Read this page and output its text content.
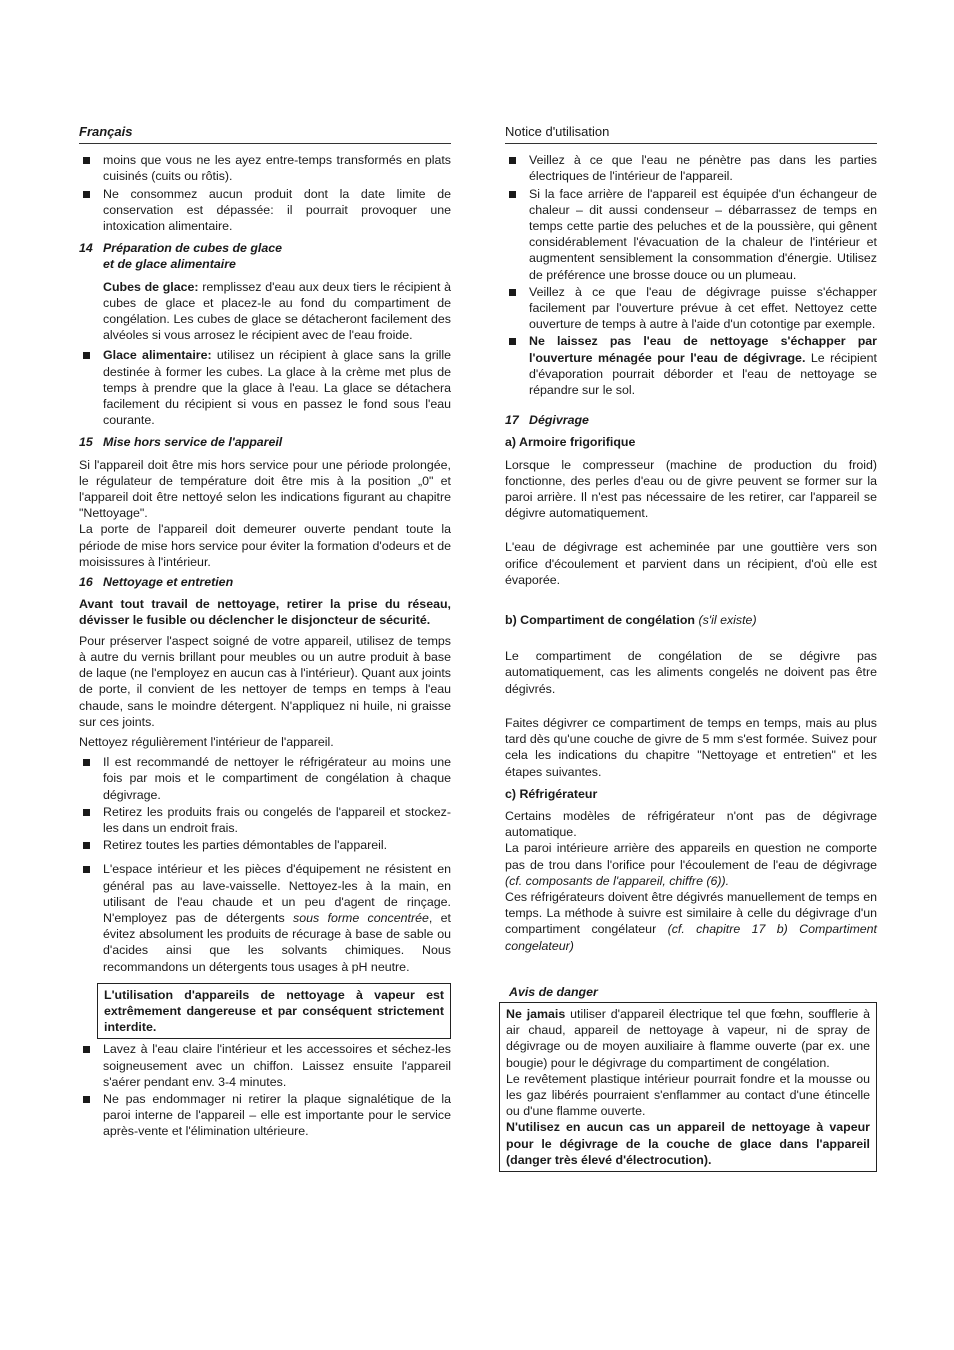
Français
moins que vous ne les ayez entre-temps transformés en plats cuisinés (cuits ou rôtis).
Ne consommez aucun produit dont la date limite de conservation est dépassée: il pourrait provoquer une intoxication alimentaire.
14 Préparation de cubes de glace
et de glace alimentaire

Cubes de glace: remplissez d'eau aux deux tiers le récipient à cubes de glace et placez-le au fond du compartiment de congélation. Les cubes de glace se détacheront facilement des alvéoles si vous arrosez le récipient avec de l'eau froide.

Glace alimentaire: utilisez un récipient à glace sans la grille destinée à former les cubes. La glace à la crème met plus de temps à prendre que la glace à l'eau. La glace se détachera facilement du récipient si vous en passez le fond sous l'eau courante.
15 Mise hors service de l'appareil

Si l'appareil doit être mis hors service pour une période prolongée, le régulateur de température doit être mis à la position „0" et l'appareil doit être nettoyé selon les indications figurant au chapitre "Nettoyage".

La porte de l'appareil doit demeurer ouverte pendant toute la période de mise hors service pour éviter la formation d'odeurs et de moisissures à l'intérieur.

16 Nettoyage et entretien

Avant tout travail de nettoyage, retirer la prise du réseau, dévisser le fusible ou déclencher le disjoncteur de sécurité.

Pour préserver l'aspect soigné de votre appareil, utilisez de temps à autre du vernis brillant pour meubles ou un autre produit à base de laque (ne l'employez en aucun cas à l'intérieur). Quant aux joints de porte, il convient de les nettoyer de temps en temps à l'eau chaude, sans le moindre détergent. N'appliquez ni huile, ni graisse sur ces joints.

Nettoyez régulièrement l'intérieur de l'appareil.

Il est recommandé de nettoyer le réfrigérateur au moins une fois par mois et le compartiment de congélation à chaque dégivrage.
Retirez les produits frais ou congelés de l'appareil et stockez-les dans un endroit frais.
Retirez toutes les parties démontables de l'appareil.
L'espace intérieur et les pièces d'équipement ne résistent en général pas au lave-vaisselle. Nettoyez-les à la main, en utilisant de l'eau chaude et un peu d'agent de rinçage. N'employez pas de détergents sous forme concentrée, et évitez absolument les produits de récurage à base de sable ou d'acides ainsi que les solvants chimiques. Nous recommandons un détergents tous usages à pH neutre.
L'utilisation d'appareils de nettoyage à vapeur est extrêmement dangereuse et par conséquent strictement interdite.
Lavez à l'eau claire l'intérieur et les accessoires et séchez-les soigneusement avec un chiffon. Laissez ensuite l'appareil s'aérer pendant env. 3-4 minutes.
Ne pas endommager ni retirer la plaque signalétique de la paroi interne de l'appareil – elle est importante pour le service après-vente et l'élimination ultérieure.
Notice d'utilisation
Veillez à ce que l'eau ne pénètre pas dans les parties électriques de l'intérieur de l'appareil.
Si la face arrière de l'appareil est équipée d'un échangeur de chaleur – dit aussi condenseur – débarrassez de temps en temps cette partie des peluches et de la poussière, qui gênent considérablement l'évacuation de la chaleur de l'intérieur et augmentent sensiblement la consommation d'énergie. Utilisez de préférence une brosse douce ou un plumeau.
Veillez à ce que l'eau de dégivrage puisse s'échapper facilement par l'ouverture prévue à cet effet. Nettoyez cette ouverture de temps à autre à l'aide d'un cotontige par exemple.
Ne laissez pas l'eau de nettoyage s'échapper par l'ouverture ménagée pour l'eau de dégivrage. Le récipient d'évaporation pourrait déborder et l'eau de nettoyage se répandre sur le sol.
17 Dégivrage
a) Armoire frigorifique

Lorsque le compresseur (machine de production du froid) fonctionne, des perles d'eau ou de givre peuvent se former sur la paroi arrière. Il n'est pas nécessaire de les retirer, car l'appareil se dégivre automatiquement.

L'eau de dégivrage est acheminée par une gouttière vers son orifice d'écoulement et parvient dans un récipient, d'où elle est évaporée.

b) Compartiment de congélation (s'il existe)

Le compartiment de congélation de se dégivre pas automatiquement, cas les aliments congelés ne doivent pas être dégivrés.

Faites dégivrer ce compartiment de temps en temps, mais au plus tard dès qu'une couche de givre de 5 mm s'est formée. Suivez pour cela les indications du chapitre "Nettoyage et entretien" et les étapes suivantes.

c) Réfrigérateur

Certains modèles de réfrigérateur n'ont pas de dégivrage automatique.

La paroi intérieure arrière des appareils en question ne comporte pas de trou dans l'orifice pour l'écoulement de l'eau de dégivrage (cf. composants de l'appareil, chiffre (6)).

Ces réfrigérateurs doivent être dégivrés manuellement de temps en temps. La méthode à suivre est similaire à celle du dégivrage d'un compartiment congélateur (cf. chapitre 17 b) Compartiment congelateur)

Avis de danger

Ne jamais utiliser d'appareil électrique tel que fœhn, soufflerie à air chaud, appareil de nettoyage à vapeur, ni de spray de dégivrage ou de moyen auxiliaire à flamme ouverte (par ex. une bougie) pour le dégivrage du compartiment de congélation.

Le revêtement plastique intérieur pourrait fondre et la mousse ou les gaz libérés pourraient s'enflammer au contact d'une étincelle ou d'une flamme ouverte.

N'utilisez en aucun cas un appareil de nettoyage à vapeur pour le dégivrage de la couche de glace dans l'appareil (danger très élevé d'électrocution).
